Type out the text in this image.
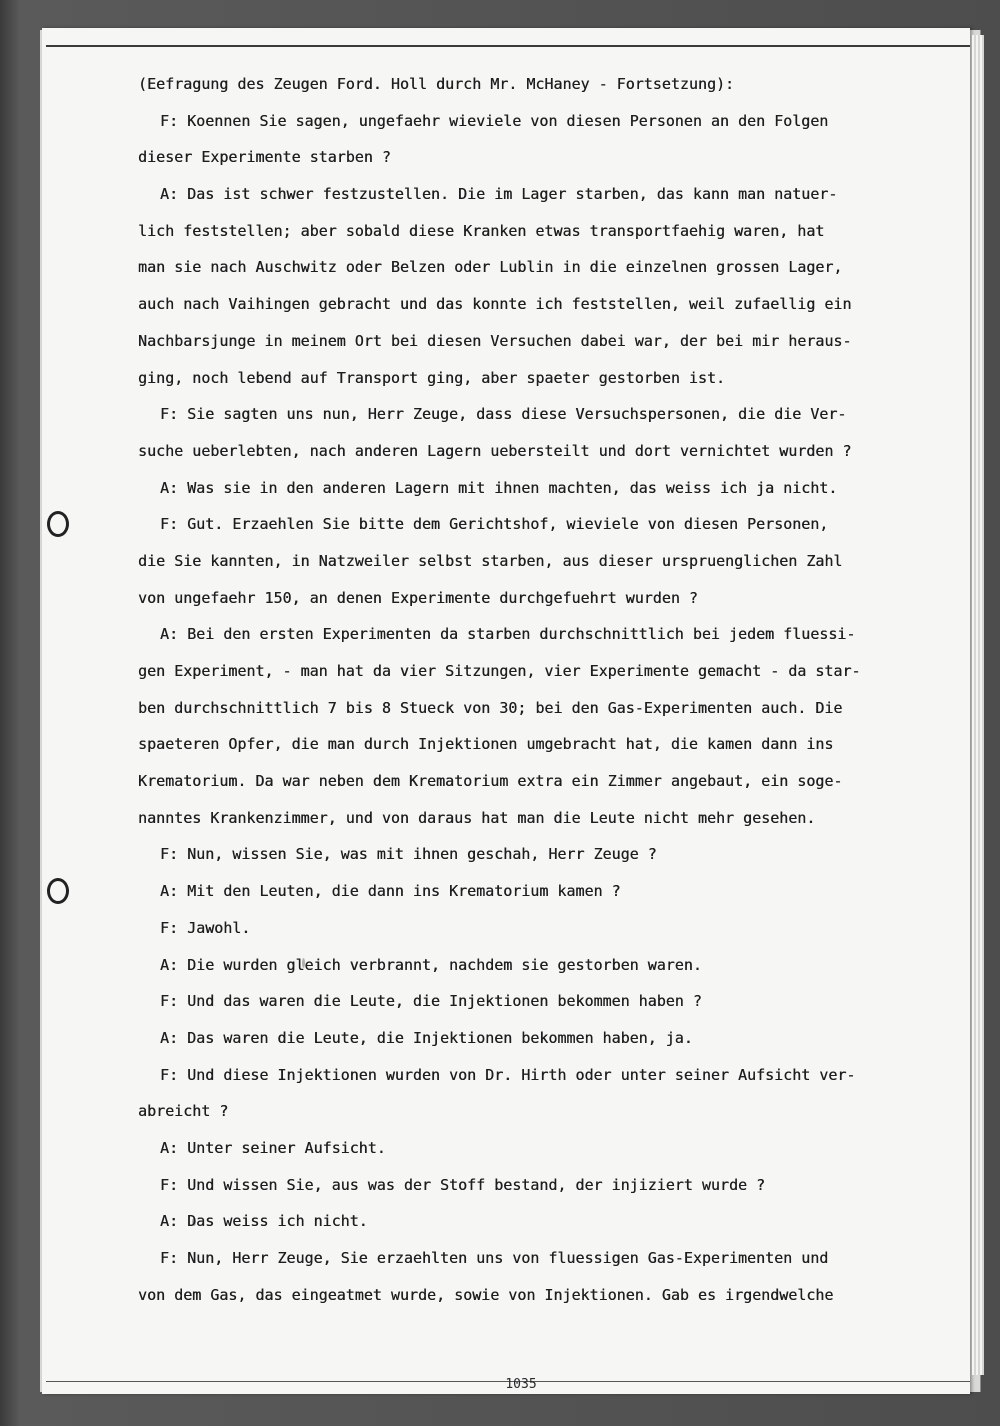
(Eefragung des Zeugen Ford. Holl durch Mr. McHaney - Fortsetzung):
F: Koennen Sie sagen, ungefaehr wieviele von diesen Personen an den Folgen
dieser Experimente starben ?
A: Das ist schwer festzustellen. Die im Lager starben, das kann man natuer-
lich feststellen; aber sobald diese Kranken etwas transportfaehig waren, hat
man sie nach Auschwitz oder Belzen oder Lublin in die einzelnen grossen Lager,
auch nach Vaihingen gebracht und das konnte ich feststellen, weil zufaellig ein
Nachbarsjunge in meinem Ort bei diesen Versuchen dabei war, der bei mir heraus-
ging, noch lebend auf Transport ging, aber spaeter gestorben ist.
F: Sie sagten uns nun, Herr Zeuge, dass diese Versuchspersonen, die die Ver-
suche ueberlebten, nach anderen Lagern uebersteilt und dort vernichtet wurden ?
A: Was sie in den anderen Lagern mit ihnen machten, das weiss ich ja nicht.
F: Gut. Erzaehlen Sie bitte dem Gerichtshof, wieviele von diesen Personen,
die Sie kannten, in Natzweiler selbst starben, aus dieser urspruenglichen Zahl
von ungefaehr 150, an denen Experimente durchgefuehrt wurden ?
A: Bei den ersten Experimenten da starben durchschnittlich bei jedem fluessi-
gen Experiment, - man hat da vier Sitzungen, vier Experimente gemacht - da star-
ben durchschnittlich 7 bis 8 Stueck von 30; bei den Gas-Experimenten auch. Die
spaeteren Opfer, die man durch Injektionen umgebracht hat, die kamen dann ins
Krematorium. Da war neben dem Krematorium extra ein Zimmer angebaut, ein soge-
nanntes Krankenzimmer, und von daraus hat man die Leute nicht mehr gesehen.
F: Nun, wissen Sie, was mit ihnen geschah, Herr Zeuge ?
A: Mit den Leuten, die dann ins Krematorium kamen ?
F: Jawohl.
A: Die wurden gleich verbrannt, nachdem sie gestorben waren.
F: Und das waren die Leute, die Injektionen bekommen haben ?
A: Das waren die Leute, die Injektionen bekommen haben, ja.
F: Und diese Injektionen wurden von Dr. Hirth oder unter seiner Aufsicht ver-
abreicht ?
A: Unter seiner Aufsicht.
F: Und wissen Sie, aus was der Stoff bestand, der injiziert wurde ?
A: Das weiss ich nicht.
F: Nun, Herr Zeuge, Sie erzaehlten uns von fluessigen Gas-Experimenten und
von dem Gas, das eingeatmet wurde, sowie von Injektionen. Gab es irgendwelche
1035
